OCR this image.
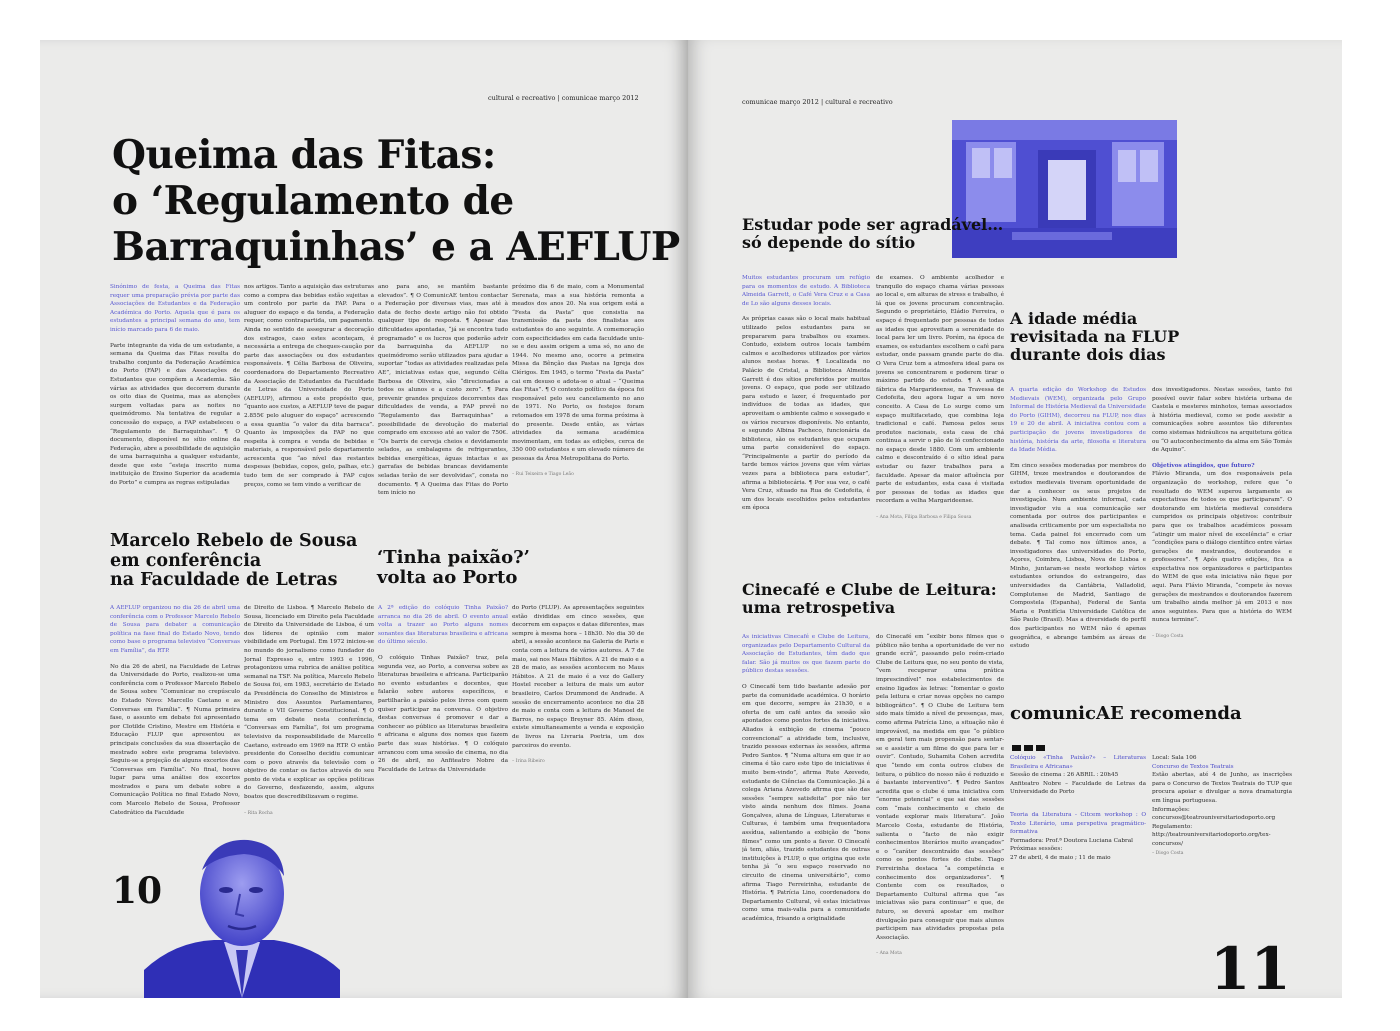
cultural e recreativo | comunicae março 2012
Queima das Fitas:
o ‘Regulamento de
Barraquinhas’ e a AEFLUP

Sinónimo de festa, a Queima das Fitas requer uma preparação prévia por parte das Associações de Estudantes e da Federação Académica do Porto. Aquela que é para os estudantes a principal semana do ano, tem início marcado para 6 de maio.

Parte integrante da vida de um estudante, a semana da Queima das Fitas resulta do trabalho conjunto da Federação Académica do Porto (FAP) e das Associações de Estudantes que compõem a Academia. São várias as atividades que decorrem durante os oito dias de Queima, mas as atenções surgem voltadas para as noites no queimódromo. Na tentativa de regular a concessão do espaço, a FAP estabeleceu o “Regulamento de Barraquinhas”. ¶ O documento, disponível no sítio online da Federação, abre a possibilidade de aquisição de uma barraquinha a qualquer estudante, desde que este “esteja inscrito numa instituição de Ensino Superior da academia do Porto” e cumpra as regras estipuladas

nos artigos. Tanto a aquisição das estruturas como a compra das bebidas estão sujeitas a um controlo por parte da FAP. Para o aluguer do espaço e da tenda, a Federação requer, como contrapartida, um pagamento. Ainda no sentido de assegurar a decoração dos estragos, caso estes aconteçam, é necessária a entrega de cheques-caução por parte das associações ou dos estudantes responsáveis. ¶ Célia Barbosa de Oliveira, coordenadora do Departamento Recreativo da Associação de Estudantes da Faculdade de Letras da Universidade do Porto (AEFLUP), afirmou a este propósito que, “quanto aos custos, a AEFLUP teve de pagar 2.855€ pelo aluguer do espaço” acrescendo a essa quantia “o valor da dita barraca”. Quanto às imposições da FAP no que respeita à compra e venda de bebidas e materiais, a responsável pelo departamento acrescenta que “ao nível das restantes despesas (bebidas, copos, gelo, palhas, etc.) tudo tem de ser comprado à FAP cujos preços, como se tem vindo a verificar de
ano para ano, se mantêm bastante elevados”. ¶ O ComunicAE tentou contactar a Federação por diversas vias, mas até à data de fecho deste artigo não foi obtido qualquer tipo de resposta. ¶ Apesar das dificuldades apontadas, “já se encontra tudo programado” e os lucros que poderão advir da barraquinha da AEFLUP no queimódromo serão utilizados para ajudar a suportar “todas as atividades realizadas pela AE”, iniciativas estas que, segundo Célia Barbosa de Oliveira, são “direcionadas a todos os alunos e a custo zero”. ¶ Para prevenir grandes prejuízos decorrentes das dificuldades de venda, a FAP prevê no “Regulamento das Barraquinhas” a possibilidade de devolução do material comprado em excesso até ao valor de 750€. “Os barris de cerveja cheios e devidamente selados, as embalagens de refrigerantes, bebidas energéticas, águas intactas e as garrafas de bebidas brancas devidamente seladas terão de ser devolvidas”, consta no documento. ¶ A Queima das Fitas do Porto tem início no

próximo dia 6 de maio, com a Monumental Serenata, mas a sua história remonta a meados dos anos 20. Na sua origem está a “Festa da Pasta” que consistia na transmissão da pasta dos finalistas aos estudantes do ano seguinte. A comemoração com especificidades em cada faculdade uniu-se e deu assim origem a uma só, no ano de 1944. No mesmo ano, ocorre a primeira Missa da Bênção das Pastas na Igreja dos Clérigos. Em 1945, o termo “Festa da Pasta” cai em desuso e adota-se o atual – “Queima das Fitas”. ¶ O contexto político da época foi responsável pelo seu cancelamento no ano de 1971. No Porto, os festejos foram retomados em 1978 de uma forma próxima à do presente. Desde então, as várias atividades da semana académica movimentam, em todas as edições, cerca de 350 000 estudantes e um elevado número de pessoas da Área Metropolitana do Porto.

– Rui Teixeira e Tiago Leão
Marcelo Rebelo de Sousa
em conferência
na Faculdade de Letras

A AEFLUP organizou no dia 26 de abril uma conferência com o Professor Marcelo Rebelo de Sousa para debater a comunicação política na fase final do Estado Novo, tendo como base o programa televisivo “Conversas em Família”, da RTP.

No dia 26 de abril, na Faculdade de Letras da Universidade do Porto, realizou-se uma conferência com o Professor Marcelo Rebelo de Sousa sobre “Comunicar no crepúsculo do Estado Novo: Marcello Caetano e as Conversas em Família”. ¶ Numa primeira fase, o assunto em debate foi apresentado por Clotilde Cristino, Mestre em História e Educação FLUP que apresentou as principais conclusões da sua dissertação de mestrado sobre este programa televisivo. Seguiu-se a projeção de alguns excertos das “Conversas em Família”. No final, houve lugar para uma análise dos excertos mostrados e para um debate sobre a Comunicação Política no final Estado Novo, com Marcelo Rebelo de Sousa, Professor Catedrático da Faculdade

de Direito de Lisboa. ¶ Marcelo Rebelo de Sousa, licenciado em Direito pela Faculdade de Direito da Universidade de Lisboa, é um dos líderes de opinião com maior visibilidade em Portugal. Em 1972 iniciou-se no mundo do jornalismo como fundador do Jornal Expresso e, entre 1993 e 1996, protagonizou uma rubrica de análise política semanal na TSF. Na política, Marcelo Rebelo de Sousa foi, em 1983, secretário de Estado da Presidência do Conselho de Ministros e Ministro dos Assuntos Parlamentares, durante o VII Governo Constitucional. ¶ O tema em debate nesta conferência, “Conversas em Família”, foi um programa televisivo da responsabilidade de Marcello Caetano, estreado em 1969 na RTP. O então presidente do Conselho decidiu comunicar com o povo através da televisão com o objetivo de contar os factos através do seu ponto de vista e explicar as opções políticas do Governo, desfazendo, assim, alguns boatos que descredibilizavam o regime.

– Rita Rocha
‘Tinha paixão?’
volta ao Porto

A 2ª edição do colóquio Tinha Paixão? arranca no dia 26 de abril. O evento anual volta a trazer ao Porto alguns nomes sonantes das literaturas brasileira e africana do último século.

O colóquio Tinhas Paixão? traz, pela segunda vez, ao Porto, a conversa sobre as literaturas brasileira e africana. Participarão no evento estudantes e docentes, que falarão sobre autores específicos, e partilharão a paixão pelos livros com quem quiser participar na conversa. O objetivo destas conversas é promover e dar a conhecer ao público as literaturas brasileira e africana e alguns dos nomes que fazem parte das suas histórias. ¶ O colóquio arrancou com uma sessão de cinema, no dia 26 de abril, no Anfiteatro Nobre da Faculdade de Letras da Universidade

do Porto (FLUP). As apresentações seguintes estão divididas em cinco sessões, que decorrem em espaços e datas diferentes, mas sempre à mesma hora – 18h30. No dia 30 de abril, a sessão acontece na Galeria de Paris e conta com a leitura de vários autores. A 7 de maio, sai nos Maus Hábitos. A 21 de maio e a 28 de maio, as sessões acontecem no Maus Hábitos. A 21 de maio é a vez do Gallery Hostel receber a leitura de mais um autor brasileiro, Carlos Drummond de Andrade. A sessão de encerramento acontece no dia 28 de maio e conta com a leitura de Manoel de Barros, no espaço Breyner 85. Além disso, existe simultaneamente a venda e exposição de livros na Livraria Poetria, um dos parceiros do evento.

– Irina Ribeiro
10
comunicae março 2012 | cultural e recreativo
Estudar pode ser agradável…
só depende do sítio

Muitos estudantes procuram um refúgio para os momentos de estudo. A Biblioteca Almeida Garrett, o Café Vera Cruz e a Casa de Lo são alguns desses locais.

As próprias casas são o local mais habitual utilizado pelos estudantes para se prepararem para trabalhos ou exames. Contudo, existem outros locais também calmos e acolhedores utilizados por vários alunos nestas horas. ¶ Localizada no Palácio de Cristal, a Biblioteca Almeida Garrett é dos sítios preferidos por muitos jovens. O espaço, que pode ser utilizado para estudo e lazer, é frequentado por indivíduos de todas as idades, que aproveitam o ambiente calmo e sossegado e os vários recursos disponíveis. No entanto, e segundo Albina Pacheco, funcionária da biblioteca, são os estudantes que ocupam uma parte considerável do espaço. “Principalmente a partir do período da tarde temos vários jovens que vêm várias vezes para a biblioteca para estudar”, afirma a bibliotecária. ¶ Por sua vez, o café Vera Cruz, situado na Rua de Cedofeita, é um dos locais escolhidos pelos estudantes em época

de exames. O ambiente acolhedor e tranquilo do espaço chama várias pessoas ao local e, em alturas de stress e trabalho, é lá que os jovens procuram concentração. Segundo o proprietário, Eládio Ferreira, o espaço é frequentado por pessoas de todas as idades que aproveitam a serenidade do local para ler um livro. Porém, na época de exames, os estudantes escolhem o café para estudar, onde passam grande parte do dia. O Vera Cruz tem a atmosfera ideal para os jovens se concentrarem e poderem tirar o máximo partido do estudo. ¶ A antiga fábrica da Margarideense, na Travessa de Cedofeita, deu agora lugar a um novo conceito. A Casa de Lo surge como um espaço multifacetado, que combina loja tradicional e café. Famosa pelos seus produtos nacionais, esta casa de chá continua a servir o pão de ló confeccionado no espaço desde 1880. Com um ambiente calmo e descontraído é o sítio ideal para estudar ou fazer trabalhos para a faculdade. Apesar da maior afluência por parte de estudantes, esta casa é visitada por pessoas de todas as idades que recordam a velha Margarideense.

– Ana Mota, Filipa Barbosa e Filipa Sousa
A idade média
revisitada na FLUP
durante dois dias

A quarta edição do Workshop de Estudos Medievais (WEM), organizada pelo Grupo Informal de História Medieval da Universidade do Porto (GIHM), decorreu na FLUP, nos dias 19 e 20 de abril. A iniciativa contou com a participação de jovens investigadores de história, história da arte, filosofia e literatura da Idade Média.

Em cinco sessões moderadas por membros do GIHM, treze mestrandos e doutorandos de estudos medievais tiveram oportunidade de dar a conhecer os seus projetos de investigação. Num ambiente informal, cada investigador viu a sua comunicação ser comentada por outros dos participantes e analisada criticamente por um especialista no tema. Cada painel foi encerrado com um debate. ¶ Tal como nos últimos anos, a investigadores das universidades do Porto, Açores, Coimbra, Lisboa, Nova de Lisboa e Minho, juntaram-se neste workshop vários estudantes oriundos do estrangeiro, das universidades da Cantábria, Valladolid, Complutense de Madrid, Santiago de Compostela (Espanha), Federal de Santa Maria e Pontifícia Universidade Católica de São Paulo (Brasil). Mas a diversidade do perfil dos participantes no WEM não é apenas geográfica, e abrange também as áreas de estudo

dos investigadores. Nestas sessões, tanto foi possível ouvir falar sobre história urbana de Castela e mesteres minhotos, temas associados à história medieval, como se pode assistir a comunicações sobre assuntos tão diferentes como sistemas hidráulicos na arquitetura gótica ou “O autoconhecimento da alma em São Tomás de Aquino”.

Objetivos atingidos, que futuro?

Flávio Miranda, um dos responsáveis pela organização do workshop, refere que “o resultado do WEM superou largamente as expectativas de todos os que participaram”. O doutorando em história medieval considera cumpridos os principais objetivos: contribuir para que os trabalhos académicos possam “atingir um maior nível de excelência” e criar “condições para o diálogo científico entre várias gerações de mestrandos, doutorandos e professores”. ¶ Após quatro edições, fica a expectativa nos organizadores e participantes do WEM de que esta iniciativa não fique por aqui. Para Flávio Miranda, “compete às novas gerações de mestrandos e doutorandos fazerem um trabalho ainda melhor já em 2013 e nos anos seguintes. Para que a história do WEM nunca termine”.

– Diogo Costa
Cinecafé e Clube de Leitura:
uma retrospetiva

As iniciativas Cinecafé e Clube de Leitura, organizadas pelo Departamento Cultural da Associação de Estudantes, têm dado que falar. São já muitos os que fazem parte do público destas sessões.

O Cinecafé tem tido bastante adesão por parte da comunidade académica. O horário em que decorre, sempre às 21h30, e a oferta de um café antes da sessão são apontados como pontos fortes da iniciativa. Aliados à exibição de cinema “pouco convencional” a atividade tem, inclusive, trazido pessoas externas às sessões, afirma Pedro Santos. ¶ “Numa altura em que ir ao cinema é tão caro este tipo de iniciativas é muito bem-vindo”, afirma Rute Azevedo, estudante de Ciências da Comunicação. Já a colega Ariana Azevedo afirma que são das sessões “sempre satisfeita” por não ter visto ainda nenhum dos filmes. Joana Gonçalves, aluna de Línguas, Literaturas e Culturas, é também uma frequentadora assídua, salientando a exibição de “bons filmes” como um ponto a favor. O Cinecafé já tem, aliás, trazido estudantes de outras instituições à FLUP, o que origina que este tenha já “o seu espaço reservado no circuito de cinema universitário”, como afirma Tiago Ferreirinha, estudante de História. ¶ Patrícia Lino, coordenadora do Departamento Cultural, vê estas iniciativas como uma mais-valia para a comunidade académica, frisando a originalidade

do Cinecafé em “exibir bons filmes que o público não tenha a oportunidade de ver no grande ecrã”, passando pelo reém-criado Clube de Leitura que, no seu ponto de vista, “vem recuperar uma prática imprescindível” nos estabelecimentos de ensino ligados às letras: “fomentar o gosto pela leitura e criar novas opções no campo bibliográfico”. ¶ O Clube de Leitura tem sido mais tímido a nível de presenças, mas, como afirma Patrícia Lino, a situação não é improvável, na medida em que “o público em geral tem mais propensão para sentar-se e assistir a um filme do que para ler e ouvir”. Contudo, Suhamita Cohen acredita que “tendo em conta outros clubes de leitura, o público do nosso não é reduzido e é bastante interventivo”. ¶ Pedro Santos acredita que o clube é uma iniciativa com “enorme potencial” e que sai das sessões com “mais conhecimento e cheio de vontade explorar mais literatura”. João Marcelo Costa, estudante de História, salienta o “facto de não exigir conhecimentos literários muito avançados” e o “caráter descontraído das sessões” como os pontos fortes do clube. Tiago Ferreirinha destaca “a competência e conhecimento dos organizadores”. ¶ Contente com os resultados, o Departamento Cultural afirma que “as iniciativas são para continuar” e que, de futuro, se deverá apostar em melhor divulgação para conseguir que mais alunos participem nas atividades propostas pela Associação.

– Ana Mota
comunicAE recomenda
Colóquio «Tinha Paixão?» – Literaturas Brasileira e Africana»
Sessão de cinema : 26 ABRIL : 20h45
Anfiteatro Nobre – Faculdade de Letras da Universidade do Porto
Teoria da Literatura - Citcem workshop : O Texto Literário, uma perspetiva pragmático-formativa
Formadora: Prof.ª Doutora Luciana Cabral
Próximas sessões:
27 de abril, 4 de maio ; 11 de maio
Local: Sala 106
Concurso de Textos Teatrais
Estão abertas, até 4 de Junho, as inscrições para o Concurso de Textos Teatrais do TUP que procura apoiar e divulgar a nova dramaturgia em língua portuguesa.
Informações:
concursos@teatrouniversitariodoporto.org
Regulamento:
http://teatrouniversitariodoporto.org/tex-concursos/
– Diogo Costa
11
